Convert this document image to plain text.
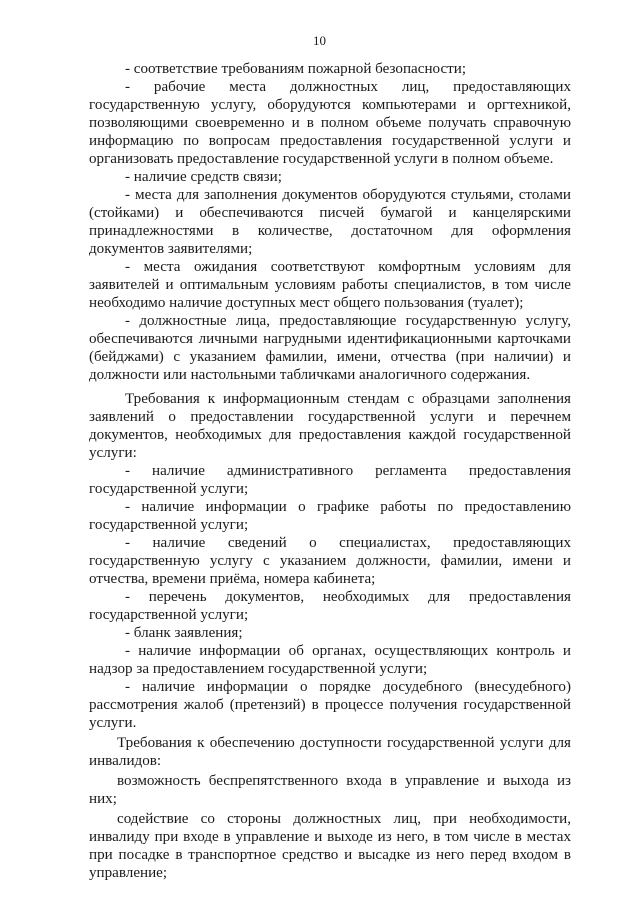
10

- соответствие требованиям пожарной безопасности;

- рабочие места должностных лиц, предоставляющих государственную услугу, оборудуются компьютерами и оргтехникой, позволяющими своевременно и в полном объеме получать справочную информацию по вопросам предоставления государственной услуги и организовать предоставление государственной услуги в полном объеме.

- наличие средств связи;

- места для заполнения документов оборудуются стульями, столами (стойками) и обеспечиваются писчей бумагой и канцелярскими принадлежностями в количестве, достаточном для оформления документов заявителями;

- места ожидания соответствуют комфортным условиям для заявителей и оптимальным условиям работы специалистов, в том числе необходимо наличие доступных мест общего пользования (туалет);

- должностные лица, предоставляющие государственную услугу, обеспечиваются личными нагрудными идентификационными карточками (бейджами) с указанием фамилии, имени, отчества (при наличии) и должности или настольными табличками аналогичного содержания.

Требования к информационным стендам с образцами заполнения заявлений о предоставлении государственной услуги и перечнем документов, необходимых для предоставления каждой государственной услуги:

- наличие административного регламента предоставления государственной услуги;

- наличие информации о графике работы по предоставлению государственной услуги;

- наличие сведений о специалистах, предоставляющих государственную услугу с указанием должности, фамилии, имени и отчества, времени приёма, номера кабинета;

- перечень документов, необходимых для предоставления государственной услуги;

- бланк заявления;

- наличие информации об органах, осуществляющих контроль и надзор за предоставлением государственной услуги;

- наличие информации о порядке досудебного (внесудебного) рассмотрения жалоб (претензий) в процессе получения государственной услуги.

Требования к обеспечению доступности государственной услуги для инвалидов:

возможность беспрепятственного входа в управление и выхода из них;

содействие со стороны должностных лиц, при необходимости, инвалиду при входе в управление и выходе из него, в том числе в местах при посадке в транспортное средство и высадке из него перед входом в управление;
